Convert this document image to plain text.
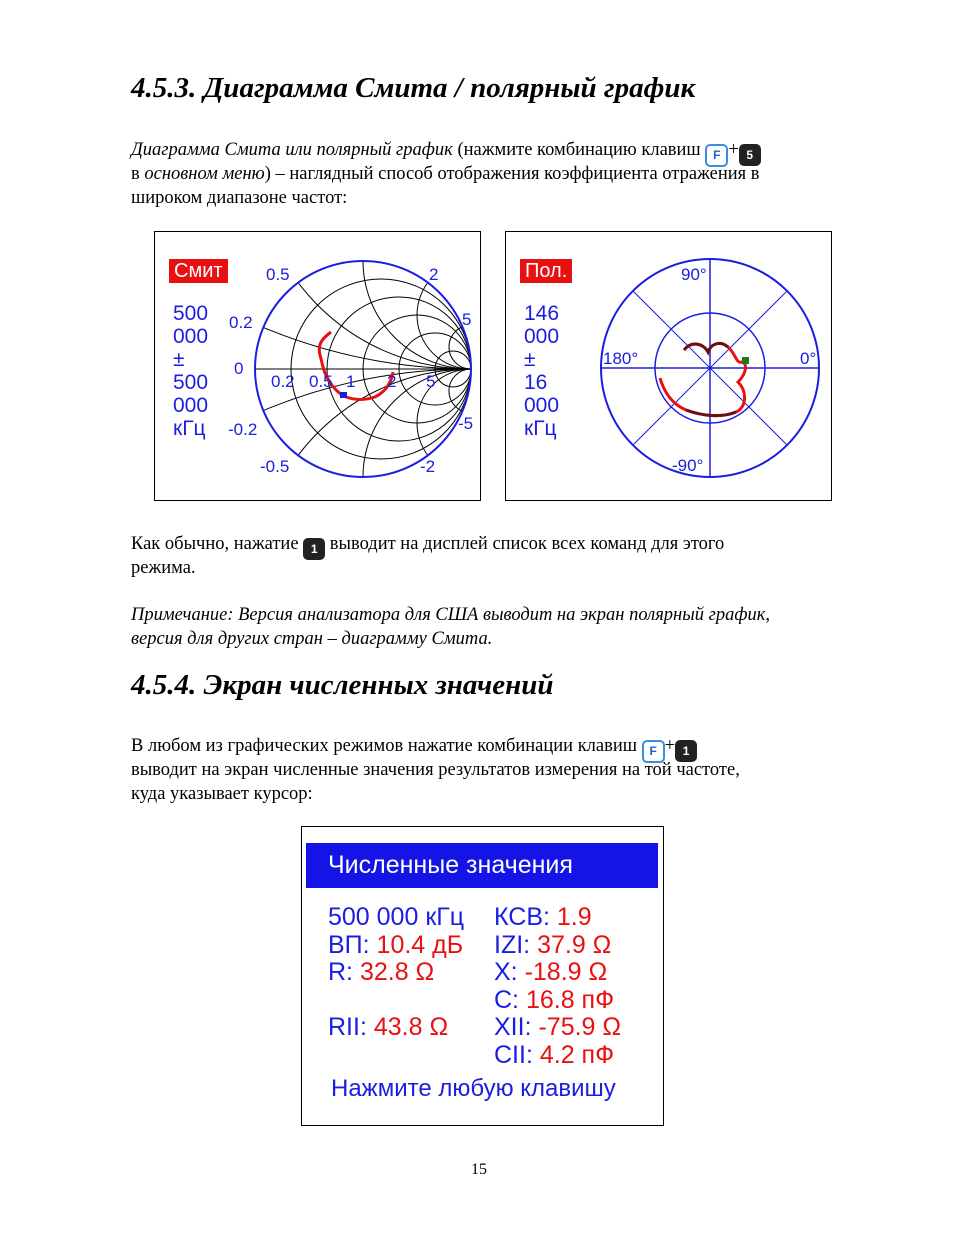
4.5.3. Диаграмма Смита / полярный график
Диаграмма Смита или полярный график (нажмите комбинацию клавиш F + 5
в основном меню) – наглядный способ отображения коэффициента отражения в
широком диапазоне частот:
Смит
500
000
±
500
000
кГц
0.5	2
0.2	5
0
0.2 0.5 1 2 5
-0.2	-5
-0.5	-2
Пол.
146
000
±
16
000
кГц
90°
180°	0°
-90°
Как обычно, нажатие 1 выводит на дисплей список всех команд для этого
режима.
Примечание: Версия анализатора для США выводит на экран полярный график,
версия для других стран – диаграмму Смита.
4.5.4. Экран численных значений
В любом из графических режимов нажатие комбинации клавиш F + 1
выводит на экран численные значения результатов измерения на той частоте,
куда указывает курсор:
Численные значения
500 000 кГц КСВ: 1.9
ВП: 10.4 дБ IZI: 37.9 Ω
R: 32.8 Ω X: -18.9 Ω
C: 16.8 пФ
RII: 43.8 Ω XII: -75.9 Ω
CII: 4.2 пФ
Нажмите любую клавишу
15
